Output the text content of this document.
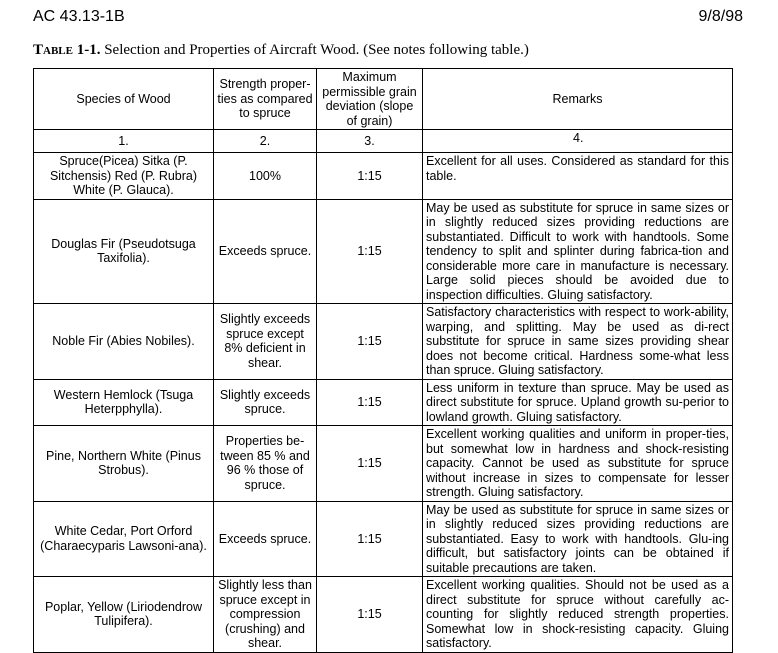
AC 43.13-1B	9/8/98
Table 1-1. Selection and Properties of Aircraft Wood. (See notes following table.)
Species of Wood	Strength proper-ties as compared to spruce	Maximum permissible grain deviation (slope of grain)	Remarks
1.	2.	3.	4.
Spruce(Picea) Sitka (P. Sitchensis) Red (P. Rubra) White (P. Glauca).	100%	1:15	Excellent for all uses. Considered as standard for this table.
Douglas Fir (Pseudotsuga Taxifolia).	Exceeds spruce.	1:15	May be used as substitute for spruce in same sizes or in slightly reduced sizes providing reductions are substantiated. Difficult to work with handtools. Some tendency to split and splinter during fabrica-tion and considerable more care in manufacture is necessary. Large solid pieces should be avoided due to inspection difficulties. Gluing satisfactory.
Noble Fir (Abies Nobiles).	Slightly exceeds spruce except 8% deficient in shear.	1:15	Satisfactory characteristics with respect to work-ability, warping, and splitting. May be used as di-rect substitute for spruce in same sizes providing shear does not become critical. Hardness some-what less than spruce. Gluing satisfactory.
Western Hemlock (Tsuga Heterpphylla).	Slightly exceeds spruce.	1:15	Less uniform in texture than spruce. May be used as direct substitute for spruce. Upland growth su-perior to lowland growth. Gluing satisfactory.
Pine, Northern White (Pinus Strobus).	Properties be-tween 85 % and 96 % those of spruce.	1:15	Excellent working qualities and uniform in proper-ties, but somewhat low in hardness and shock-resisting capacity. Cannot be used as substitute for spruce without increase in sizes to compensate for lesser strength. Gluing satisfactory.
White Cedar, Port Orford (Charaecyparis Lawsoni-ana).	Exceeds spruce.	1:15	May be used as substitute for spruce in same sizes or in slightly reduced sizes providing reductions are substantiated. Easy to work with handtools. Glu-ing difficult, but satisfactory joints can be obtained if suitable precautions are taken.
Poplar, Yellow (Liriodendrow Tulipifera).	Slightly less than spruce except in compression (crushing) and shear.	1:15	Excellent working qualities. Should not be used as a direct substitute for spruce without carefully ac-counting for slightly reduced strength properties. Somewhat low in shock-resisting capacity. Gluing satisfactory.
